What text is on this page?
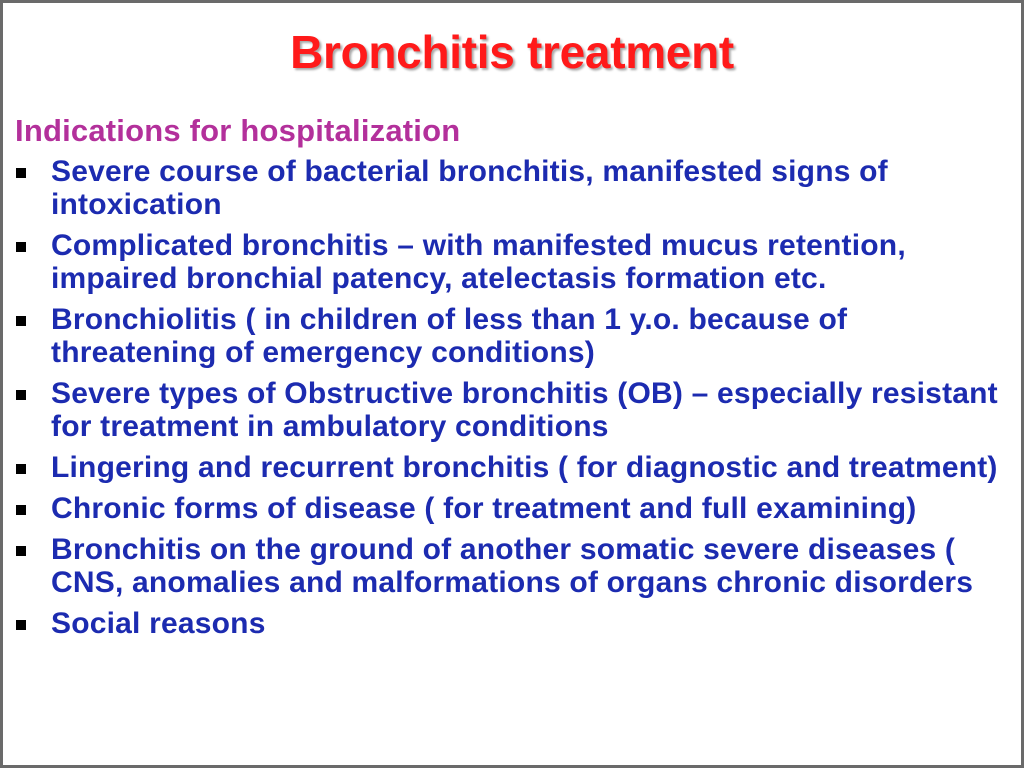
Bronchitis treatment
Indications for hospitalization
Severe course of bacterial bronchitis, manifested signs of intoxication
Complicated bronchitis – with manifested mucus retention, impaired bronchial patency, atelectasis formation etc.
Bronchiolitis ( in children of less than 1 y.o. because of threatening of emergency conditions)
Severe types of Obstructive bronchitis (OB) – especially resistant for treatment in ambulatory conditions
Lingering and recurrent bronchitis ( for diagnostic and treatment)
Chronic forms of disease ( for treatment and full examining)
Bronchitis on the ground of another somatic severe diseases ( CNS, anomalies and malformations of organs chronic disorders
Social reasons
